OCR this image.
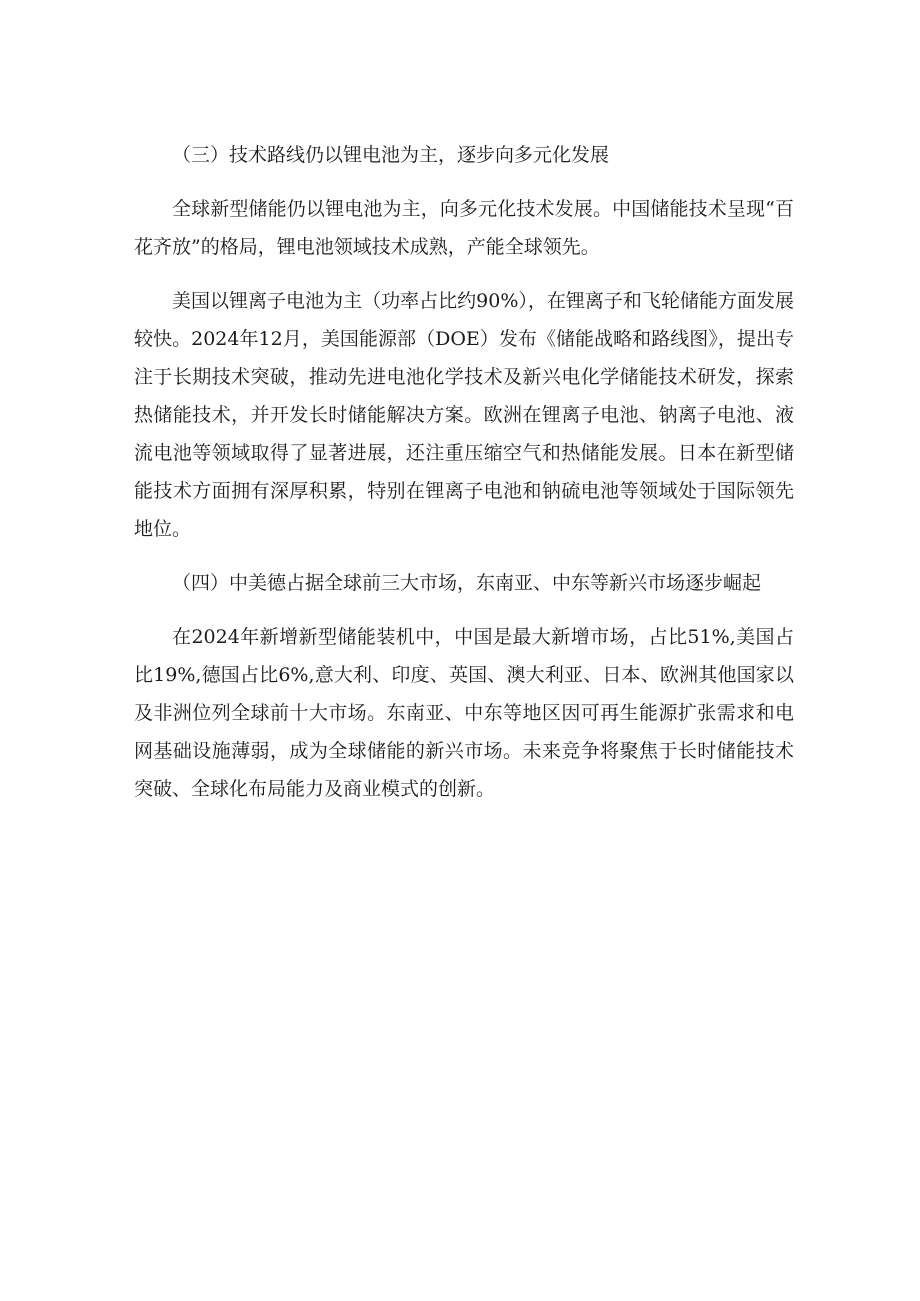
（三）技术路线仍以锂电池为主，逐步向多元化发展

全球新型储能仍以锂电池为主，向多元化技术发展。中国储能技术呈现“百花齐放”的格局，锂电池领域技术成熟，产能全球领先。

美国以锂离子电池为主（功率占比约90%），在锂离子和飞轮储能方面发展较快。2024年12月，美国能源部（DOE）发布《储能战略和路线图》，提出专注于长期技术突破，推动先进电池化学技术及新兴电化学储能技术研发，探索热储能技术，并开发长时储能解决方案。欧洲在锂离子电池、钠离子电池、液流电池等领域取得了显著进展，还注重压缩空气和热储能发展。日本在新型储能技术方面拥有深厚积累，特别在锂离子电池和钠硫电池等领域处于国际领先地位。

（四）中美德占据全球前三大市场，东南亚、中东等新兴市场逐步崛起

在2024年新增新型储能装机中，中国是最大新增市场，占比51%,美国占比19%,德国占比6%,意大利、印度、英国、澳大利亚、日本、欧洲其他国家以及非洲位列全球前十大市场。东南亚、中东等地区因可再生能源扩张需求和电网基础设施薄弱，成为全球储能的新兴市场。未来竞争将聚焦于长时储能技术突破、全球化布局能力及商业模式的创新。
